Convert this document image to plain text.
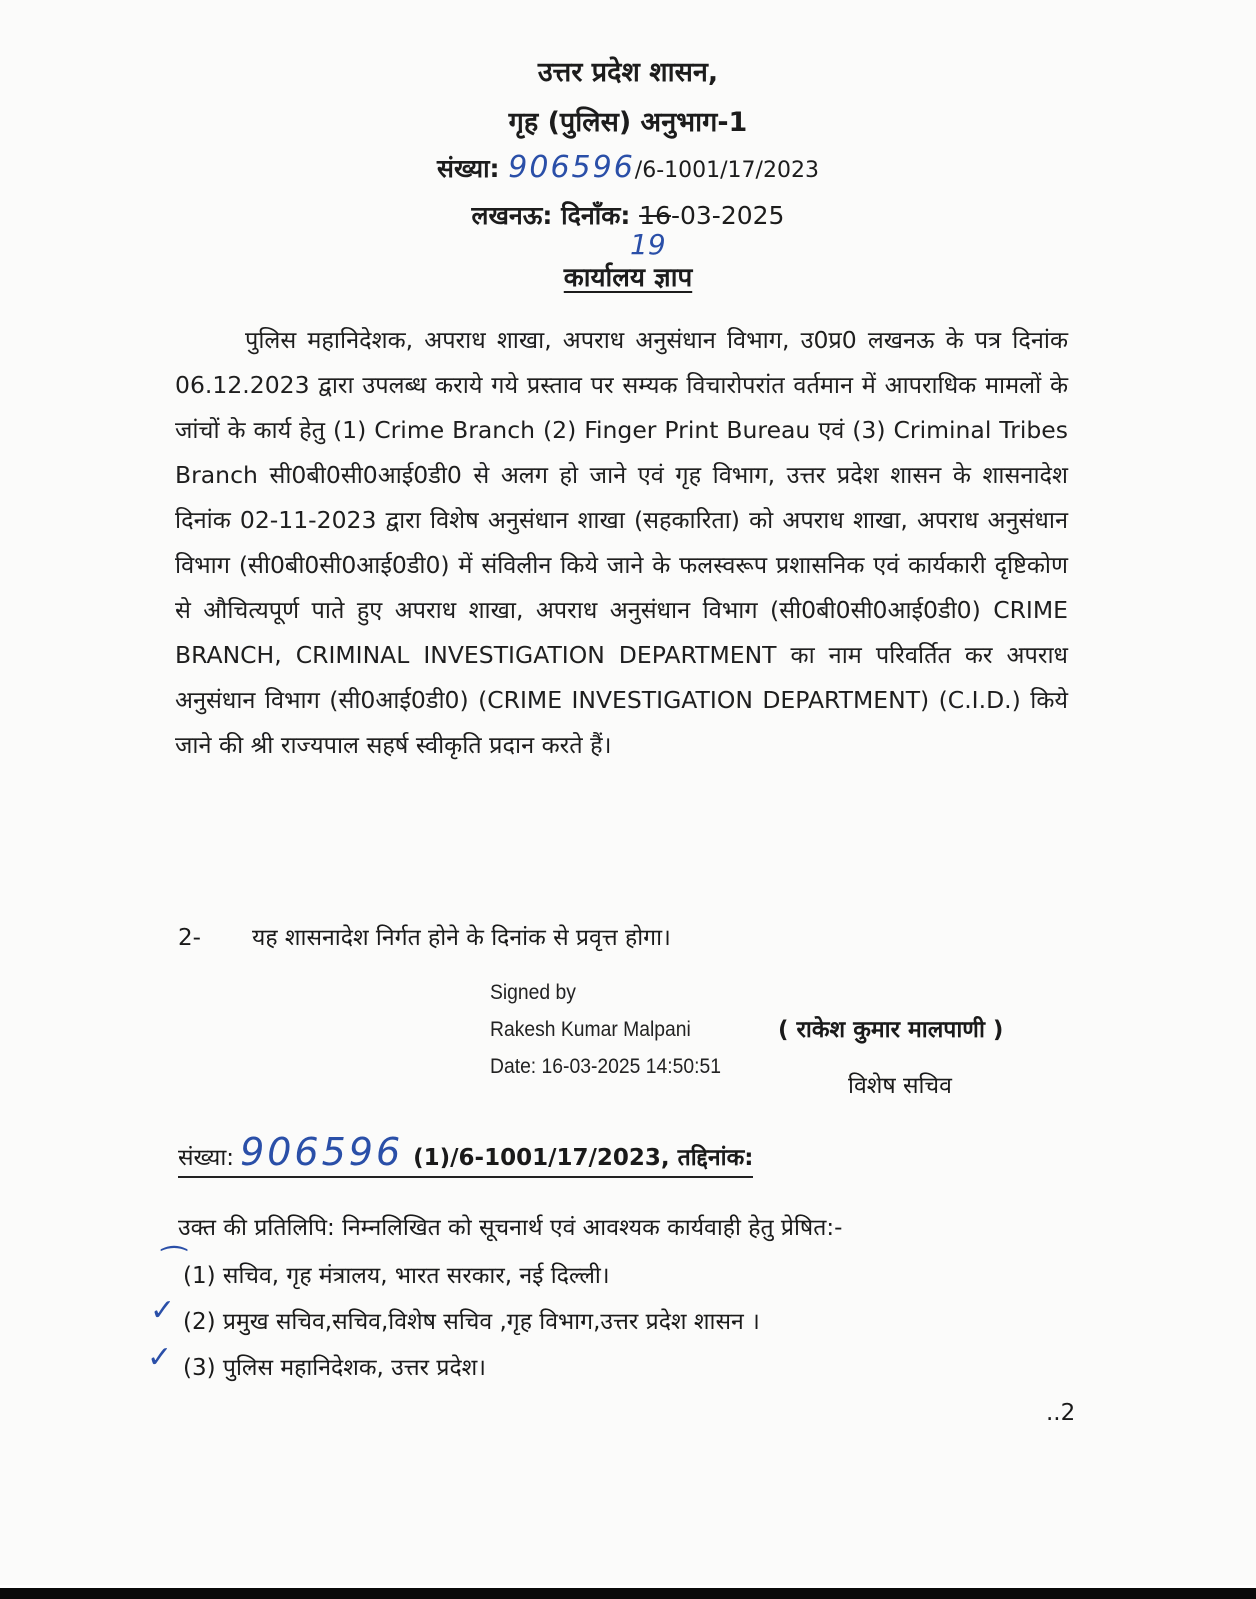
उत्तर प्रदेश शासन,
गृह (पुलिस) अनुभाग-1
संख्या: 906596/6-1001/17/2023
लखनऊ: दिनॉंक: 16-03-2025
19
कार्यालय ज्ञाप
पुलिस महानिदेशक, अपराध शाखा, अपराध अनुसंधान विभाग, उ0प्र0 लखनऊ के पत्र दिनांक 06.12.2023 द्वारा उपलब्ध कराये गये प्रस्ताव पर सम्यक विचारोपरांत वर्तमान में आपराधिक मामलों के जांचों के कार्य हेतु (1) Crime Branch (2) Finger Print Bureau एवं (3) Criminal Tribes Branch सी0बी0सी0आई0डी0 से अलग हो जाने एवं गृह विभाग, उत्तर प्रदेश शासन के शासनादेश दिनांक 02-11-2023 द्वारा विशेष अनुसंधान शाखा (सहकारिता) को अपराध शाखा, अपराध अनुसंधान विभाग (सी0बी0सी0आई0डी0) में संविलीन किये जाने के फलस्वरूप प्रशासनिक एवं कार्यकारी दृष्टिकोण से औचित्यपूर्ण पाते हुए अपराध शाखा, अपराध अनुसंधान विभाग (सी0बी0सी0आई0डी0) CRIME BRANCH, CRIMINAL INVESTIGATION DEPARTMENT का नाम परिवर्तित कर अपराध अनुसंधान विभाग (सी0आई0डी0) (CRIME INVESTIGATION DEPARTMENT) (C.I.D.) किये जाने की श्री राज्यपाल सहर्ष स्वीकृति प्रदान करते हैं।
2- यह शासनादेश निर्गत होने के दिनांक से प्रवृत्त होगा।
Signed by
Rakesh Kumar Malpani
Date: 16-03-2025 14:50:51
( राकेश कुमार मालपाणी )
विशेष सचिव
संख्या: 906596 (1)/6-1001/17/2023, तद्दिनांक:
उक्त की प्रतिलिपि: निम्नलिखित को सूचनार्थ एवं आवश्यक कार्यवाही हेतु प्रेषित:-
⁀
(1) सचिव, गृह मंत्रालय, भारत सरकार, नई दिल्ली।
✓ (2) प्रमुख सचिव,सचिव,विशेष सचिव ,गृह विभाग,उत्तर प्रदेश शासन ।
✓ (3) पुलिस महानिदेशक, उत्तर प्रदेश।
..2
